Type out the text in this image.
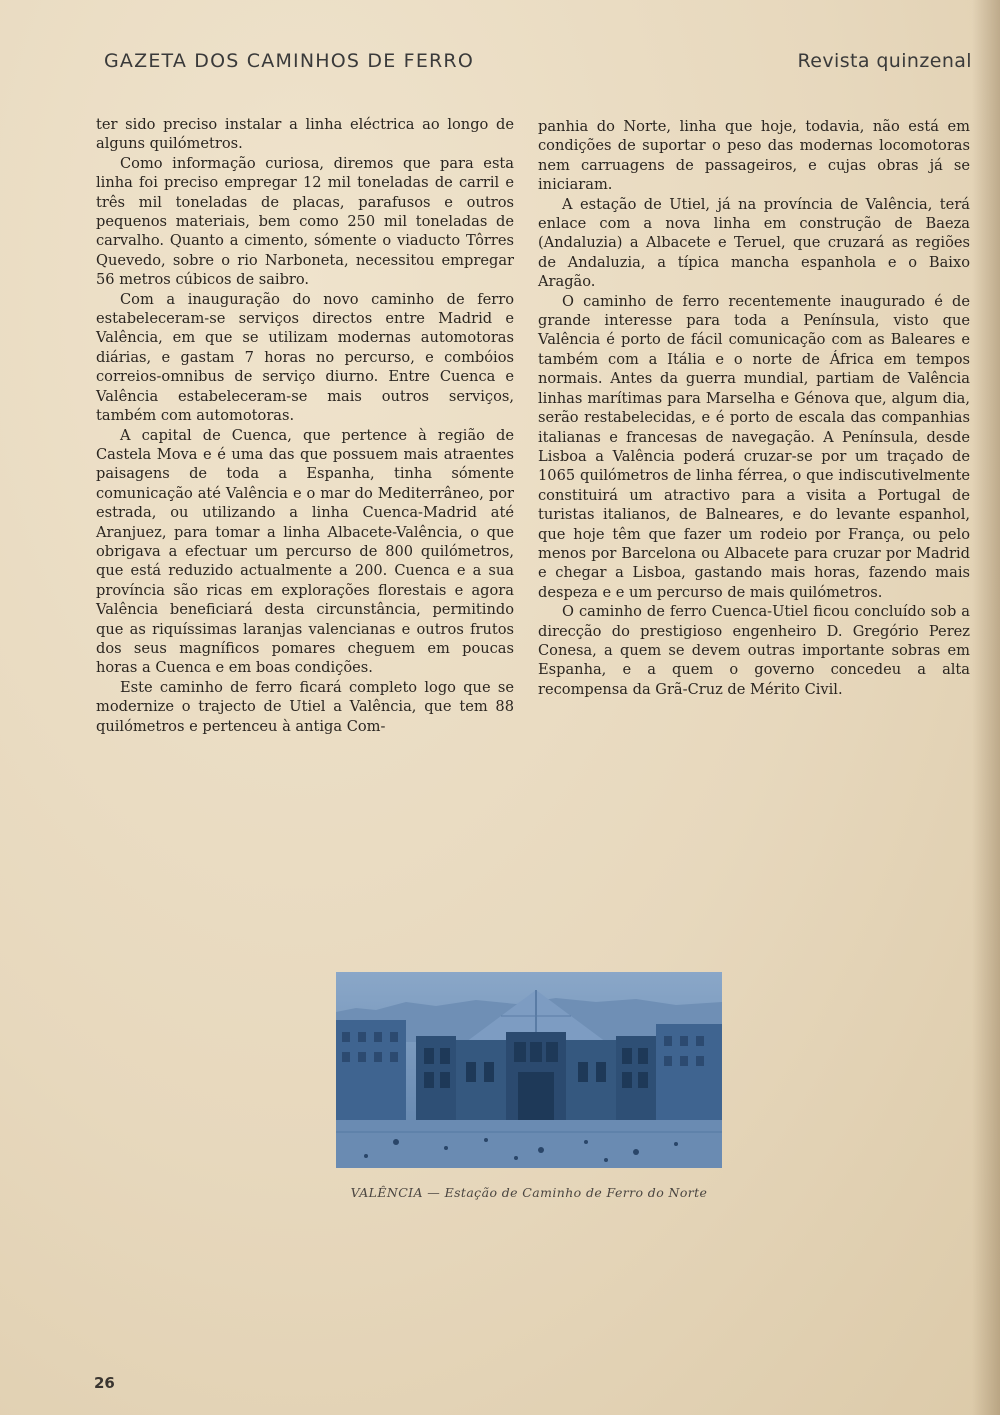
GAZETA DOS CAMINHOS DE FERRO	Revista quinzenal

ter sido preciso instalar a linha eléctrica ao longo de alguns quilómetros.

Como informação curiosa, diremos que para esta linha foi preciso empregar 12 mil toneladas de carril e três mil toneladas de placas, parafusos e outros pequenos materiais, bem como 250 mil toneladas de carvalho. Quanto a cimento, sómente o viaducto Tôrres Quevedo, sobre o rio Narboneta, necessitou empregar 56 metros cúbicos de saibro.

Com a inauguração do novo caminho de ferro estabeleceram-se serviços directos entre Madrid e Valência, em que se utilizam modernas automotoras diárias, e gastam 7 horas no percurso, e combóios correios-omnibus de serviço diurno. Entre Cuenca e Valência estabeleceram-se mais outros serviços, também com automotoras.

A capital de Cuenca, que pertence à região de Castela Mova e é uma das que possuem mais atraentes paisagens de toda a Espanha, tinha sómente comunicação até Valência e o mar do Mediterrâneo, por estrada, ou utilizando a linha Cuenca-Madrid até Aranjuez, para tomar a linha Albacete-Valência, o que obrigava a efectuar um percurso de 800 quilómetros, que está reduzido actualmente a 200. Cuenca e a sua província são ricas em explorações florestais e agora Valência beneficiará desta circunstância, permitindo que as riquíssimas laranjas valencianas e outros frutos dos seus magníficos pomares cheguem em poucas horas a Cuenca e em boas condições.

Este caminho de ferro ficará completo logo que se modernize o trajecto de Utiel a Valência, que tem 88 quilómetros e pertenceu à antiga Com-

panhia do Norte, linha que hoje, todavia, não está em condições de suportar o peso das modernas locomotoras nem carruagens de passageiros, e cujas obras já se iniciaram.

A estação de Utiel, já na província de Valência, terá enlace com a nova linha em construção de Baeza (Andaluzia) a Albacete e Teruel, que cruzará as regiões de Andaluzia, a típica mancha espanhola e o Baixo Aragão.

O caminho de ferro recentemente inaugurado é de grande interesse para toda a Península, visto que Valência é porto de fácil comunicação com as Baleares e também com a Itália e o norte de África em tempos normais. Antes da guerra mundial, partiam de Valência linhas marítimas para Marselha e Génova que, algum dia, serão restabelecidas, e é porto de escala das companhias italianas e francesas de navegação. A Península, desde Lisboa a Valência poderá cruzar-se por um traçado de 1065 quilómetros de linha férrea, o que indiscutivelmente constituirá um atractivo para a visita a Portugal de turistas italianos, de Balneares, e do levante espanhol, que hoje têm que fazer um rodeio por França, ou pelo menos por Barcelona ou Albacete para cruzar por Madrid e chegar a Lisboa, gastando mais horas, fazendo mais despeza e e um percurso de mais quilómetros.

O caminho de ferro Cuenca-Utiel ficou concluído sob a direcção do prestigioso engenheiro D. Gregório Perez Conesa, a quem se devem outras importante sobras em Espanha, e a quem o governo concedeu a alta recompensa da Grã-Cruz de Mérito Civil.

VALÊNCIA — Estação de Caminho de Ferro do Norte
26
